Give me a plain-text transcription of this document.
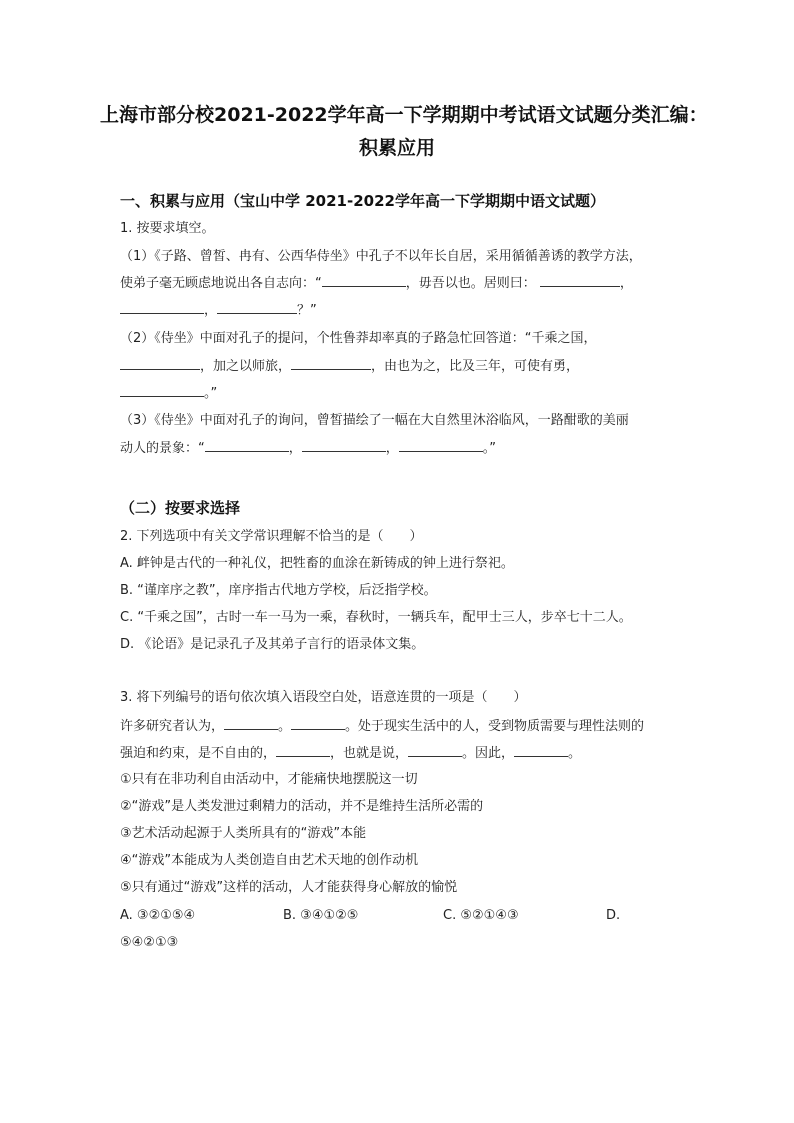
上海市部分校2021-2022学年高一下学期期中考试语文试题分类汇编：
积累应用
一、积累与应用（宝山中学 2021-2022学年高一下学期期中语文试题）
1. 按要求填空。
（1）《子路、曾皙、冉有、公西华侍坐》中孔子不以年长自居，采用循循善诱的教学方法，
使弟子毫无顾虑地说出各自志向：“	，毋吾以也。居则曰：	，
，	？”
（2）《侍坐》中面对孔子的提问，个性鲁莽却率真的子路急忙回答道：“千乘之国，
，加之以师旅，	，由也为之，比及三年，可使有勇，
。”
（3）《侍坐》中面对孔子的询问，曾皙描绘了一幅在大自然里沐浴临风，一路酣歌的美丽
动人的景象：“	，	，	。”
（二）按要求选择
2. 下列选项中有关文学常识理解不恰当的是（　　）
A. 衅钟是古代的一种礼仪，把牲畜的血涂在新铸成的钟上进行祭祀。
B. “谨庠序之教”，庠序指古代地方学校，后泛指学校。
C. “千乘之国”，古时一车一马为一乘，春秋时，一辆兵车，配甲士三人，步卒七十二人。
D. 《论语》是记录孔子及其弟子言行的语录体文集。
3. 将下列编号的语句依次填入语段空白处，语意连贯的一项是（　　）
许多研究者认为，	。	。处于现实生活中的人，受到物质需要与理性法则的
强迫和约束，是不自由的，	，也就是说，	。因此，	。
①只有在非功利自由活动中，才能痛快地摆脱这一切
②“游戏”是人类发泄过剩精力的活动，并不是维持生活所必需的
③艺术活动起源于人类所具有的“游戏”本能
④“游戏”本能成为人类创造自由艺术天地的创作动机
⑤只有通过“游戏”这样的活动，人才能获得身心解放的愉悦
A. ③②①⑤④	B. ③④①②⑤	C. ⑤②①④③	D.
⑤④②①③
